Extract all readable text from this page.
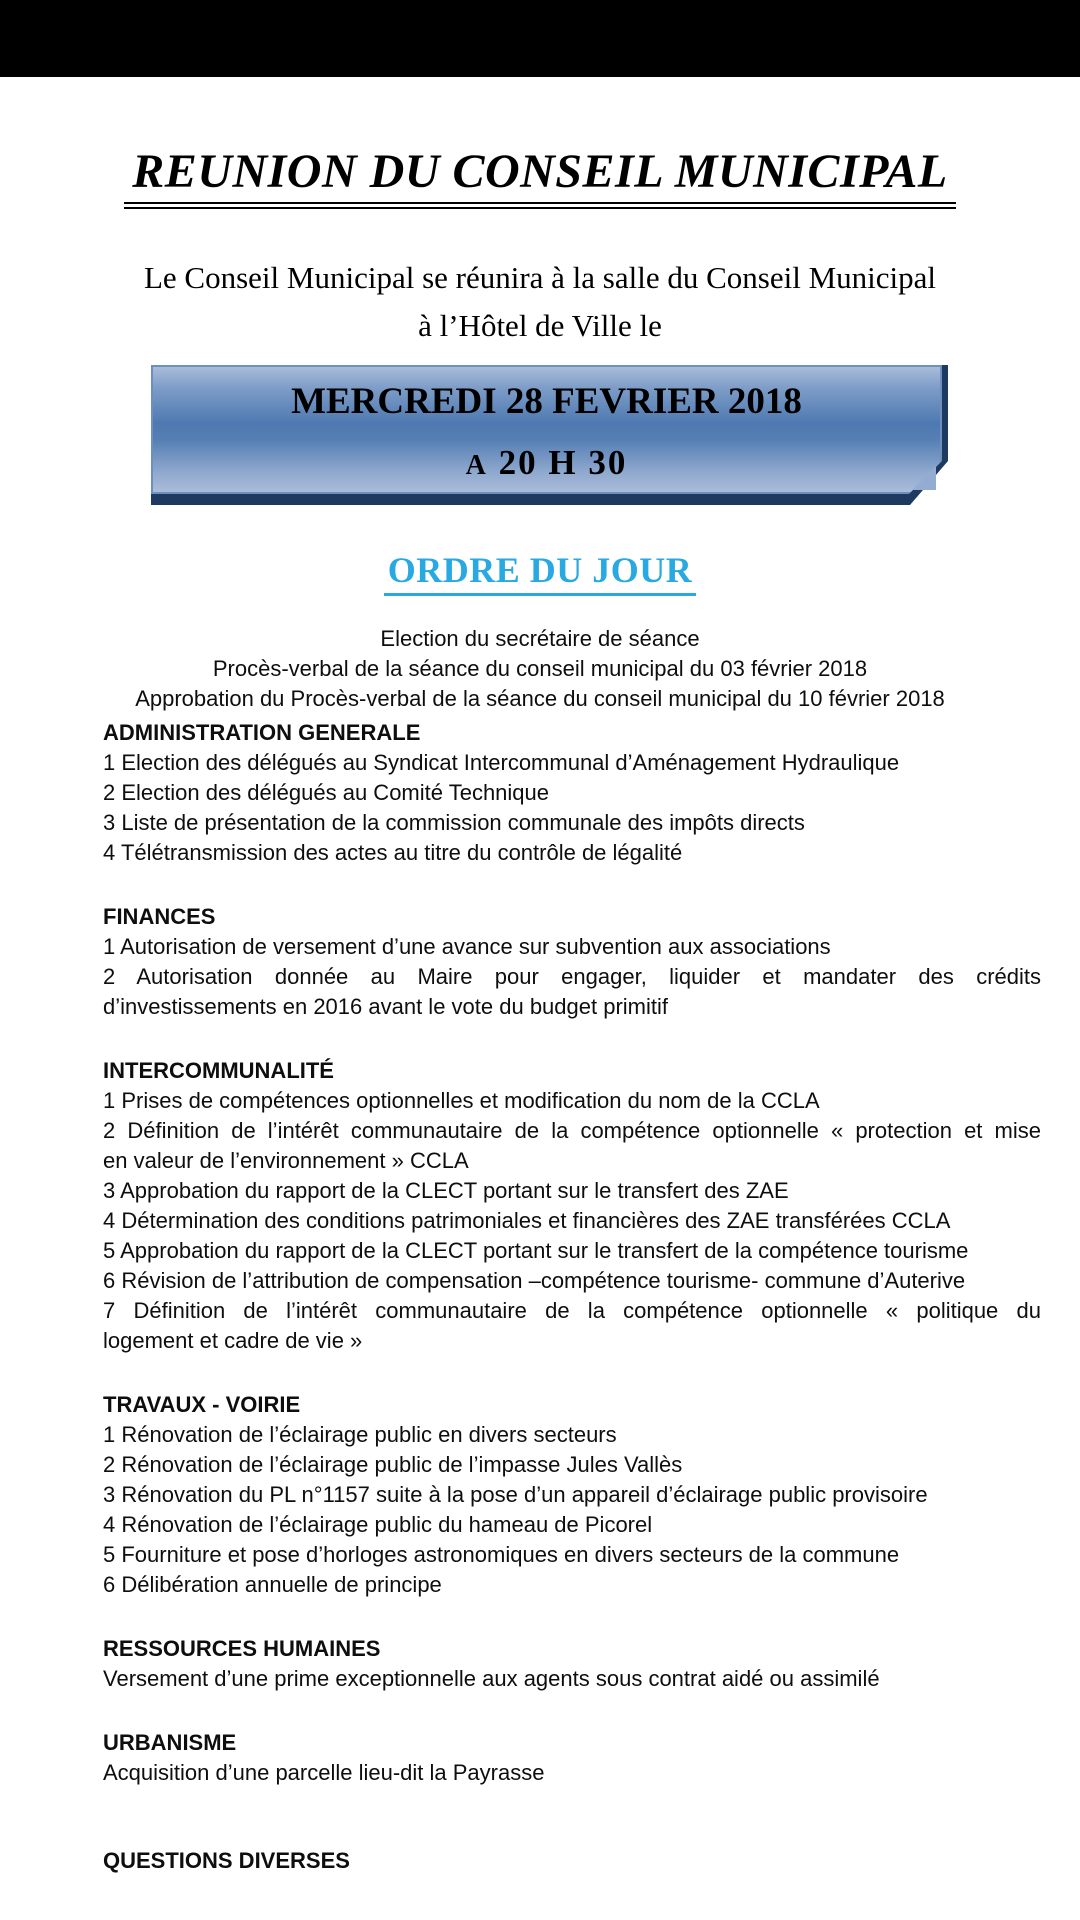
REUNION DU CONSEIL MUNICIPAL
Le Conseil Municipal se réunira à la salle du Conseil Municipal
à l’Hôtel de Ville le
MERCREDI 28 FEVRIER 2018
A 20 H 30
ORDRE DU JOUR
Election du secrétaire de séance
Procès-verbal de la séance du conseil municipal du 03 février 2018
Approbation du Procès-verbal de la séance du conseil municipal du 10 février 2018
ADMINISTRATION GENERALE
1 Election des délégués au Syndicat Intercommunal d’Aménagement Hydraulique
2 Election des délégués au Comité Technique
3 Liste de présentation de la commission communale des impôts directs
4 Télétransmission des actes au titre du contrôle de légalité
FINANCES
1 Autorisation de versement d’une avance sur subvention aux associations
2 Autorisation donnée au Maire pour engager, liquider et mandater des crédits
d’investissements en 2016 avant le vote du budget primitif
INTERCOMMUNALITÉ
1 Prises de compétences optionnelles et modification du nom de la CCLA
2 Définition de l’intérêt communautaire de la compétence optionnelle « protection et mise
en valeur de l’environnement » CCLA
3 Approbation du rapport de la CLECT portant sur le transfert des ZAE
4 Détermination des conditions patrimoniales et financières des ZAE transférées CCLA
5 Approbation du rapport de la CLECT portant sur le transfert de la compétence tourisme
6 Révision de l’attribution de compensation –compétence tourisme- commune d’Auterive
7 Définition de l’intérêt communautaire de la compétence optionnelle « politique du
logement et cadre de vie »
TRAVAUX - VOIRIE
1 Rénovation de l’éclairage public en divers secteurs
2 Rénovation de l’éclairage public de l’impasse Jules Vallès
3 Rénovation du PL n°1157 suite à la pose d’un appareil d’éclairage public provisoire
4 Rénovation de l’éclairage public du hameau de Picorel
5 Fourniture et pose d’horloges astronomiques en divers secteurs de la commune
6 Délibération annuelle de principe
RESSOURCES HUMAINES
Versement d’une prime exceptionnelle aux agents sous contrat aidé ou assimilé
URBANISME
Acquisition d’une parcelle lieu-dit la Payrasse
QUESTIONS DIVERSES
